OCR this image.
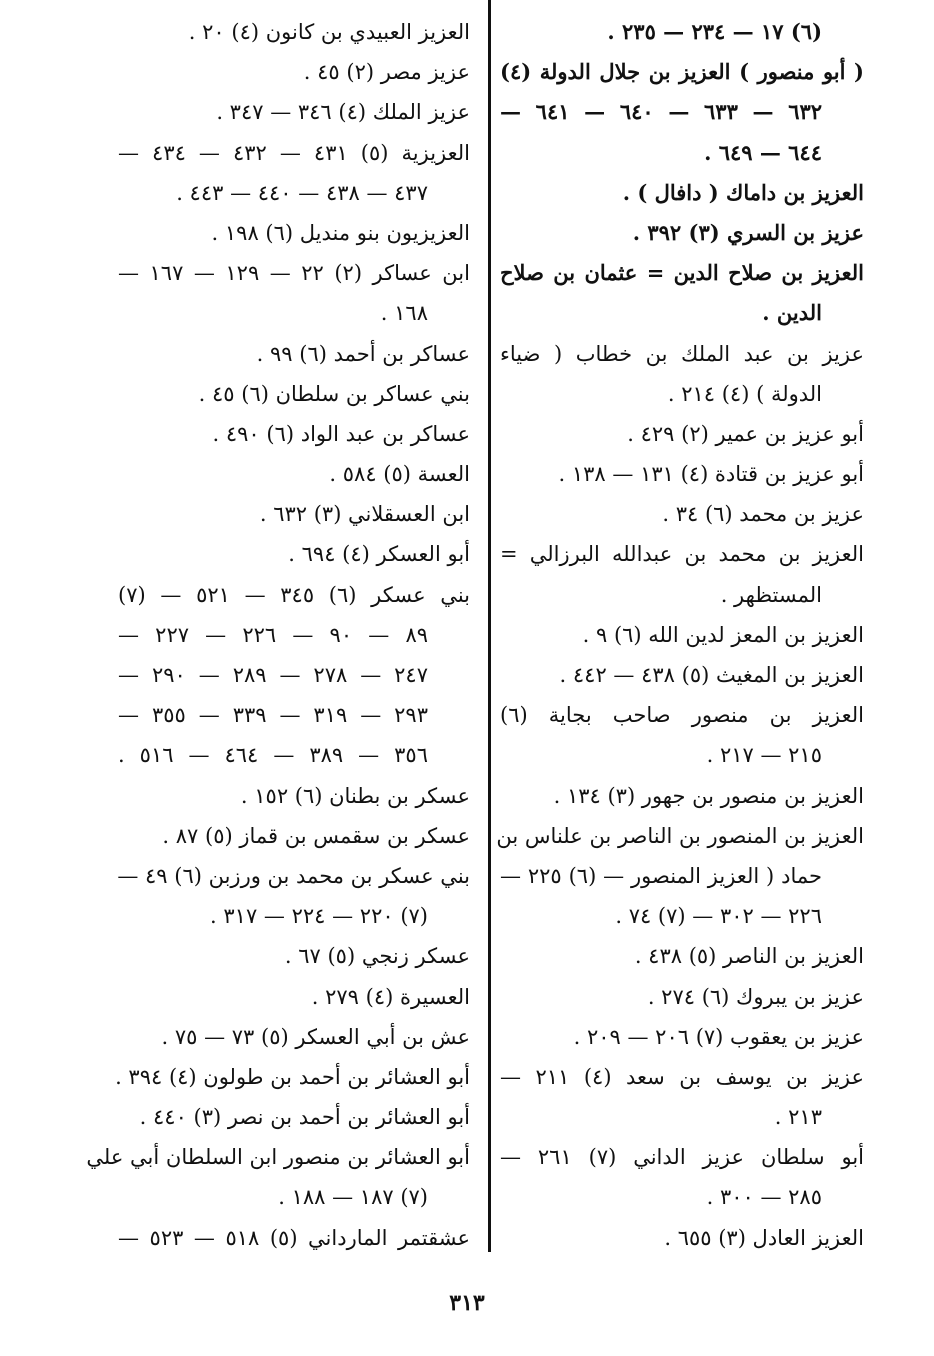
(٦) ١٧ — ٢٣٤ — ٢٣٥ .
( أبو منصور ) العزيز بن جلال الدولة (٤)
٦٣٢ — ٦٣٣ — ٦٤٠ — ٦٤١ —
٦٤٤ — ٦٤٩ .
العزيز بن داماك ( دافال ) .
عزيز بن السري (٣) ٣٩٢ .
العزيز بن صلاح الدين = عثمان بن صلاح
الدين .
عزيز بن عبد الملك بن خطاب ( ضياء
الدولة ) (٤) ٢١٤ .
أبو عزيز بن عمير (٢) ٤٢٩ .
أبو عزيز بن قتادة (٤) ١٣١ — ١٣٨ .
عزيز بن محمد (٦) ٣٤ .
العزيز بن محمد بن عبدالله البرزالي =
المستظهر .
العزيز بن المعز لدين الله (٦) ٩ .
العزيز بن المغيث (٥) ٤٣٨ — ٤٤٢ .
العزيز بن منصور صاحب بجاية (٦)
٢١٥ — ٢١٧ .
العزيز بن منصور بن جهور (٣) ١٣٤ .
العزيز بن المنصور بن الناصر بن علناس بن
حماد ( العزيز المنصور — (٦) ٢٢٥ —
٢٢٦ — ٣٠٢ — (٧) ٧٤ .
العزيز بن الناصر (٥) ٤٣٨ .
عزيز بن يبروك (٦) ٢٧٤ .
عزيز بن يعقوب (٧) ٢٠٦ — ٢٠٩ .
عزيز بن يوسف بن سعد (٤) ٢١١ —
٢١٣ .
أبو سلطان عزيز الداني (٧) ٢٦١ —
٢٨٥ — ٣٠٠ .
العزيز العادل (٣) ٦٥٥ .
العزيز العبيدي بن كانون (٤) ٢٠ .
عزيز مصر (٢) ٤٥ .
عزيز الملك (٤) ٣٤٦ — ٣٤٧ .
العزيزية (٥) ٤٣١ — ٤٣٢ — ٤٣٤ —
٤٣٧ — ٤٣٨ — ٤٤٠ — ٤٤٣ .
العزيزيون بنو منديل (٦) ١٩٨ .
ابن عساكر (٢) ٢٢ — ١٢٩ — ١٦٧ —
١٦٨ .
عساكر بن أحمد (٦) ٩٩ .
بني عساكر بن سلطان (٦) ٤٥ .
عساكر بن عبد الواد (٦) ٤٩٠ .
العسة (٥) ٥٨٤ .
ابن العسقلاني (٣) ٦٣٢ .
أبو العسكر (٤) ٦٩٤ .
بني عسكر (٦) ٣٤٥ — ٥٢١ — (٧)
٨٩ — ٩٠ — ٢٢٦ — ٢٢٧ —
٢٤٧ — ٢٧٨ — ٢٨٩ — ٢٩٠ —
٢٩٣ — ٣١٩ — ٣٣٩ — ٣٥٥ —
٣٥٦ — ٣٨٩ — ٤٦٤ — ٥١٦ .
عسكر بن بطنان (٦) ١٥٢ .
عسكر بن سقمس بن قماز (٥) ٨٧ .
بني عسكر بن محمد بن ورزبن (٦) ٤٩ —
(٧) ٢٢٠ — ٢٢٤ — ٣١٧ .
عسكر زنجي (٥) ٦٧ .
العسيرة (٤) ٢٧٩ .
عش بن أبي العسكر (٥) ٧٣ — ٧٥ .
أبو العشائر بن أحمد بن طولون (٤) ٣٩٤ .
أبو العشائر بن أحمد بن نصر (٣) ٤٤٠ .
أبو العشائر بن منصور ابن السلطان أبي علي
(٧) ١٨٧ — ١٨٨ .
عشقتمر المارداني (٥) ٥١٨ — ٥٢٣ —
٣١٣
